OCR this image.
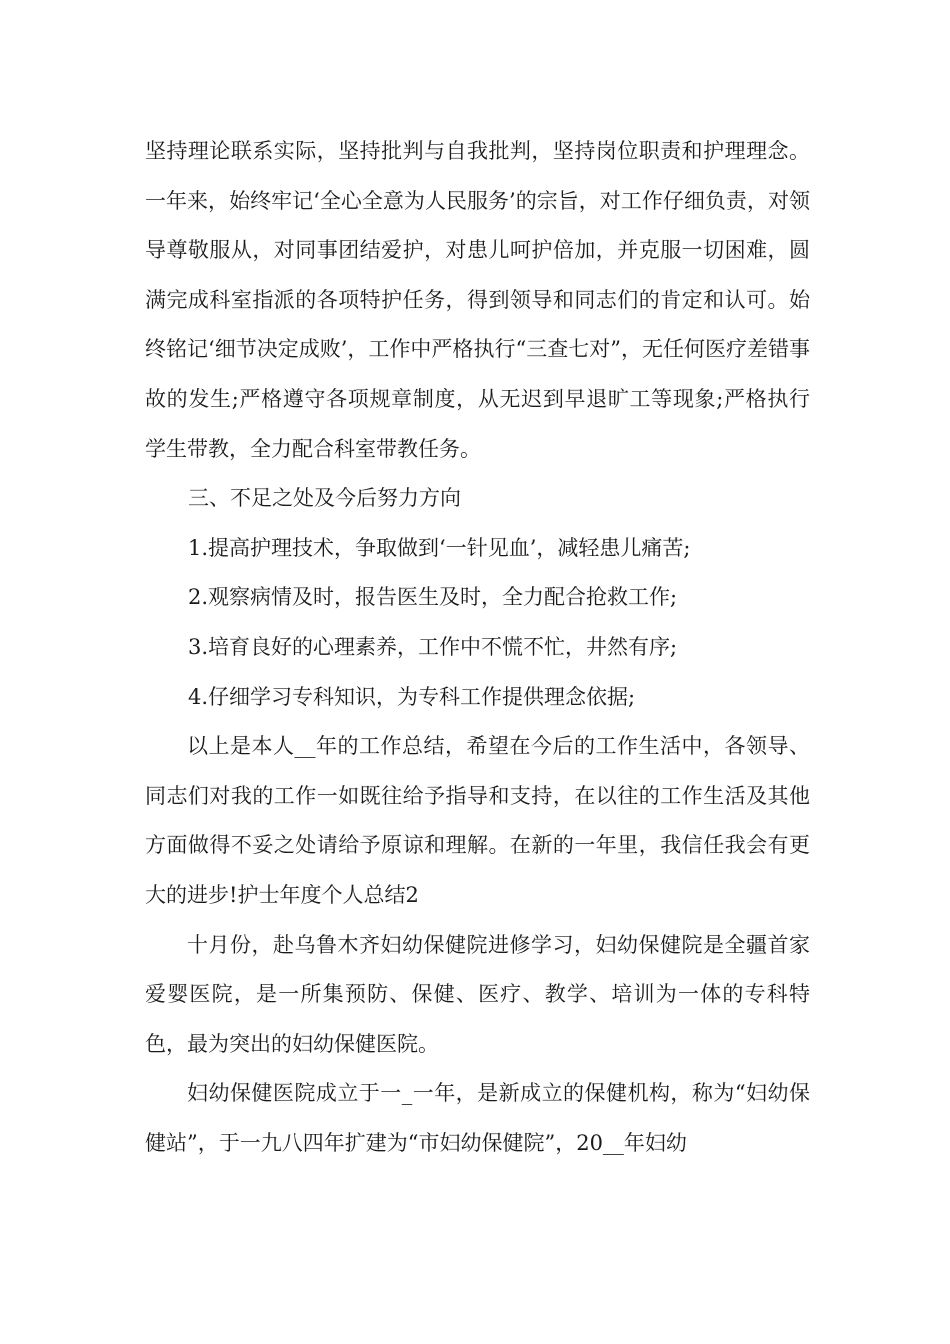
坚持理论联系实际，坚持批判与自我批判，坚持岗位职责和护理理念。一年来，始终牢记‘全心全意为人民服务’的宗旨，对工作仔细负责，对领导尊敬服从，对同事团结爱护，对患儿呵护倍加，并克服一切困难，圆满完成科室指派的各项特护任务，得到领导和同志们的肯定和认可。始终铭记‘细节决定成败’，工作中严格执行“三查七对”，无任何医疗差错事故的发生;严格遵守各项规章制度，从无迟到早退旷工等现象;严格执行学生带教，全力配合科室带教任务。

三、不足之处及今后努力方向

1.提高护理技术，争取做到‘一针见血’，减轻患儿痛苦;

2.观察病情及时，报告医生及时，全力配合抢救工作;

3.培育良好的心理素养，工作中不慌不忙，井然有序;

4.仔细学习专科知识，为专科工作提供理念依据;

以上是本人__年的工作总结，希望在今后的工作生活中，各领导、同志们对我的工作一如既往给予指导和支持，在以往的工作生活及其他方面做得不妥之处请给予原谅和理解。在新的一年里，我信任我会有更大的进步!护士年度个人总结2

十月份，赴乌鲁木齐妇幼保健院进修学习，妇幼保健院是全疆首家爱婴医院，是一所集预防、保健、医疗、教学、培训为一体的专科特色，最为突出的妇幼保健医院。

妇幼保健医院成立于一_一年，是新成立的保健机构，称为“妇幼保健站”，于一九八四年扩建为“市妇幼保健院”，20__年妇幼
